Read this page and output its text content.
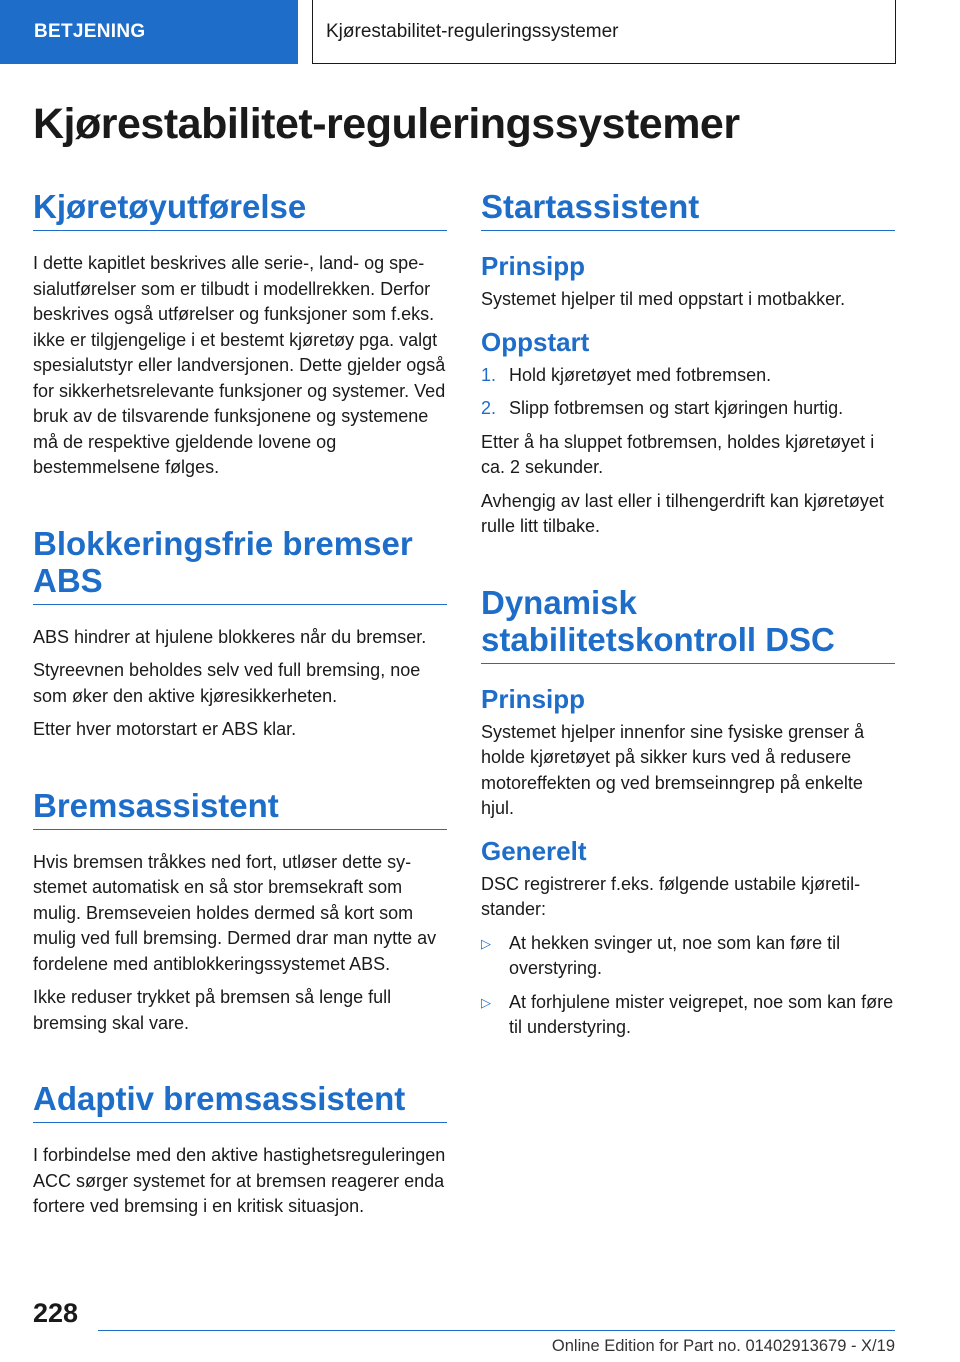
BETJENING	Kjørestabilitet-reguleringssystemer
Kjørestabilitet-reguleringssystemer
Kjøretøyutførelse

I dette kapitlet beskrives alle serie-, land- og spesialutførelser som er tilbudt i modellrekken. Derfor beskrives også utførelser og funksjoner som f.eks. ikke er tilgjengelige i et bestemt kjøretøy pga. valgt spesialutstyr eller landversjonen. Dette gjelder også for sikkerhetsrelevante funksjoner og systemer. Ved bruk av de tilsvarende funksjonene og systemene må de respektive gjeldende lovene og bestemmelsene følges.

Blokkeringsfrie bremser ABS

ABS hindrer at hjulene blokkeres når du bremser.

Styreevnen beholdes selv ved full bremsing, noe som øker den aktive kjøresikkerheten.

Etter hver motorstart er ABS klar.

Bremsassistent

Hvis bremsen tråkkes ned fort, utløser dette systemet automatisk en så stor bremsekraft som mulig. Bremseveien holdes dermed så kort som mulig ved full bremsing. Dermed drar man nytte av fordelene med antiblokkeringssystemet ABS.

Ikke reduser trykket på bremsen så lenge full bremsing skal vare.

Adaptiv bremsassistent

I forbindelse med den aktive hastighetsreguleringen ACC sørger systemet for at bremsen reagerer enda fortere ved bremsing i en kritisk situasjon.

Startassistent
Prinsipp

Systemet hjelper til med oppstart i motbakker.

Oppstart
1. Hold kjøretøyet med fotbremsen.
2. Slipp fotbremsen og start kjøringen hurtig.

Etter å ha sluppet fotbremsen, holdes kjøretøyet i ca. 2 sekunder.

Avhengig av last eller i tilhengerdrift kan kjøretøyet rulle litt tilbake.

Dynamisk stabilitetskontroll DSC
Prinsipp

Systemet hjelper innenfor sine fysiske grenser å holde kjøretøyet på sikker kurs ved å redusere motoreffekten og ved bremseinngrep på enkelte hjul.

Generelt

DSC registrerer f.eks. følgende ustabile kjøretilstander:

▷	At hekken svinger ut, noe som kan føre til overstyring.
▷	At forhjulene mister veigrepet, noe som kan føre til understyring.
228
Online Edition for Part no. 01402913679 - X/19
